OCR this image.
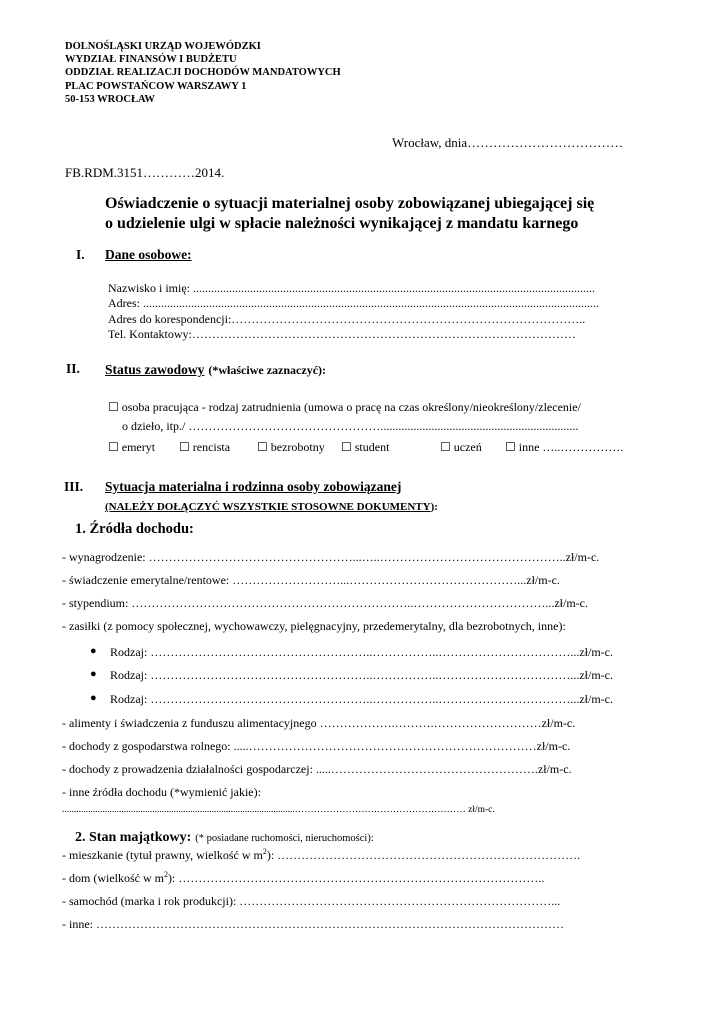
DOLNOŚLĄSKI URZĄD WOJEWÓDZKI
WYDZIAŁ FINANSÓW I BUDŻETU
ODDZIAŁ REALIZACJI DOCHODÓW MANDATOWYCH
PLAC POWSTAŃCOW WARSZAWY 1
50-153 WROCŁAW
Wrocław, dnia………………………………
FB.RDM.3151…………2014.
Oświadczenie o sytuacji materialnej osoby zobowiązanej ubiegającej się
o udzielenie ulgi w spłacie należności wynikającej z mandatu karnego
I. Dane osobowe:
Nazwisko i imię: ......................................................................................................................................
Adres: ........................................................................................................................................................
Adres do korespondencji:……………………………………………………………………………..
Tel. Kontaktowy:……………………………………………………………………………………
II. Status zawodowy (*właściwe zaznaczyć):
☐ osoba pracująca - rodzaj zatrudnienia (umowa o pracę na czas określony/nieokreślony/zlecenie/
o dzieło, itp./ …………………………………………..................................................................
☐ emeryt ☐ rencista ☐ bezrobotny ☐ student	☐ uczeń ☐ inne …..…………….
III. Sytuacja materialna i rodzinna osoby zobowiązanej
(NALEŻY DOŁĄCZYĆ WSZYSTKIE STOSOWNE DOKUMENTY):
1. Źródła dochodu:
- wynagrodzenie: ……………………………………………...…..………………………………………..zł/m-c.
- świadczenie emerytalne/rentowe: ………………………...……………………………………...zł/m-c.
- stypendium: ……………………………………………………………..……………………………...zł/m-c.
- zasiłki (z pomocy społecznej, wychowawczy, pielęgnacyjny, przedemerytalny, dla bezrobotnych, inne):
● Rodzaj: ………………………………………………..……………..……………………………...zł/m-c.
● Rodzaj: ………………………………………………..……………..……………………………...zł/m-c.
● Rodzaj: ………………………………………………..……………..……………………………...zł/m-c.
- alimenty i świadczenia z funduszu alimentacyjnego ……………….……….………………………zł/m-c.
- dochody z gospodarstwa rolnego: .....………………………………………………………………zł/m-c.
- dochody z prowadzenia działalności gospodarczej: .....…………………………………………….zł/m-c.
- inne źródła dochodu (*wymienić jakie):
..................................................................................................……………………………………………… zł/m-c.
2. Stan majątkowy: (* posiadane ruchomości, nieruchomości):
- mieszkanie (tytuł prawny, wielkość w $m^2$): ………………………………………………………………….
- dom (wielkość w $m^2$): ………………………………………………………………………………..
- samochód (marka i rok produkcji): ……………………………………………………………………...
- inne: ………………………………………………………………………………………………………
